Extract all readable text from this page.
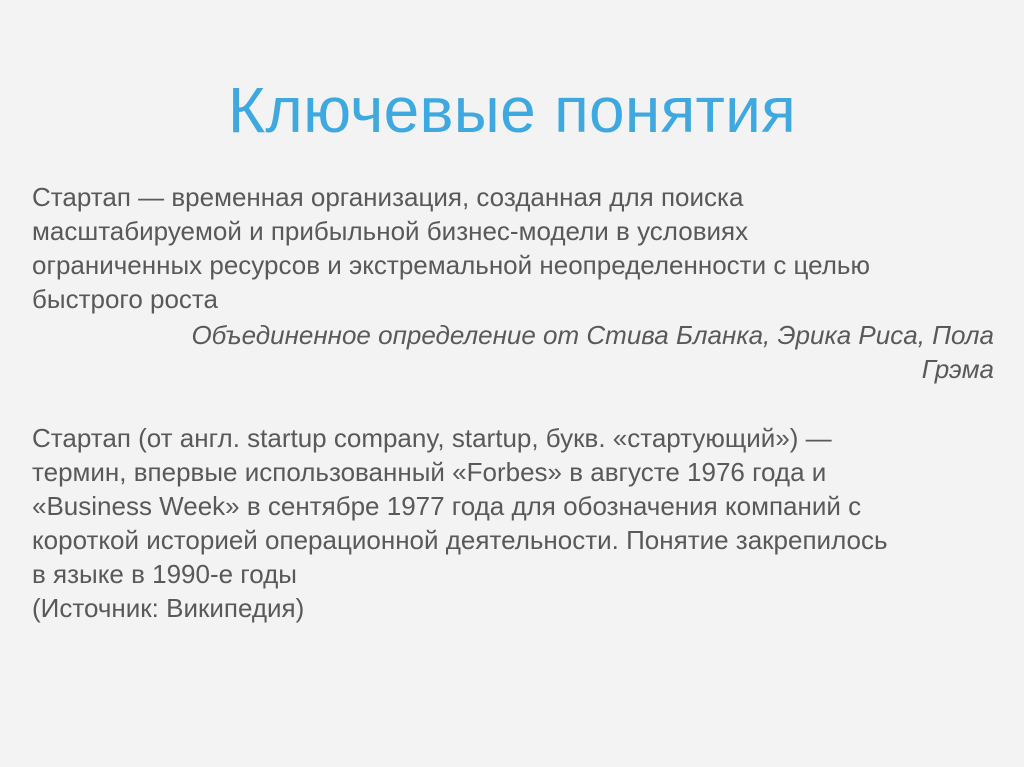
Ключевые понятия
Стартап — временная организация, созданная для поиска
масштабируемой и прибыльной бизнес-модели в условиях
ограниченных ресурсов и экстремальной неопределенности с целью
быстрого роста
Объединенное определение от Стива Бланка, Эрика Риса, Пола
Грэма
Стартап (от англ. startup company, startup, букв. «стартующий») —
термин, впервые использованный «Forbes» в августе 1976 года и
«Business Week» в сентябре 1977 года для обозначения компаний с
короткой историей операционной деятельности. Понятие закрепилось
в языке в 1990-е годы
(Источник: Википедия)
